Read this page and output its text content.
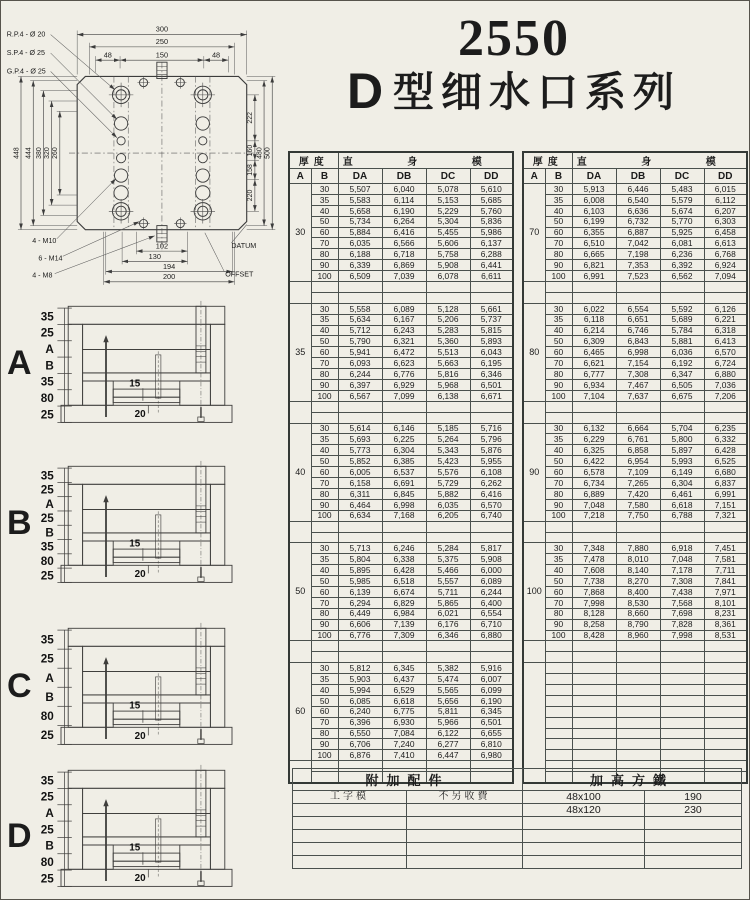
300
250
48	150	48
448 444 380 320 260
222
160
158
220
480 500
102
130
194
200
R.P.4 - Ø 20
S.P.4 - Ø 25
G.P.4 - Ø 25
4 - M10
6 - M14
4 - M8
DATUM
OFFSET
2550
D型细水口系列
A
35
25
A
B
35
80
25
15
20
B
35
25
A
25
B
35
80
25
15
20
C
35
25
A
B
80
25
15
20
D
35
25
A
25
B
80
25
15
20
厚度		直 身 模			
A	B	DA	DB	DC	DD
30	30	5,507	6,040	5,078	5,610
	35	5,583	6,114	5,153	5,685
	40	5,658	6,190	5,229	5,760
	50	5,734	6,264	5,304	5,836
	60	5,884	6,416	5,455	5,986
	70	6,035	6,566	5,606	6,137
	80	6,188	6,718	5,758	6,288
	90	6,339	6,869	5,908	6,441
	100	6,509	7,039	6,078	6,611

35	30	5,558	6,089	5,128	5,661
	35	5,634	6,167	5,206	5,737
	40	5,712	6,243	5,283	5,815
	50	5,790	6,321	5,360	5,893
	60	5,941	6,472	5,513	6,043
	70	6,093	6,623	5,663	6,195
	80	6,244	6,776	5,816	6,346
	90	6,397	6,929	5,968	6,501
	100	6,567	7,099	6,138	6,671

40	30	5,614	6,146	5,185	5,716
	35	5,693	6,225	5,264	5,796
	40	5,773	6,304	5,343	5,876
	50	5,852	6,385	5,423	5,955
	60	6,005	6,537	5,576	6,108
	70	6,158	6,691	5,729	6,262
	80	6,311	6,845	5,882	6,416
	90	6,464	6,998	6,035	6,570
	100	6,634	7,168	6,205	6,740

50	30	5,713	6,246	5,284	5,817
	35	5,804	6,338	5,375	5,908
	40	5,895	6,428	5,466	6,000
	50	5,985	6,518	5,557	6,089
	60	6,139	6,674	5,711	6,244
	70	6,294	6,829	5,865	6,400
	80	6,449	6,984	6,021	6,554
	90	6,606	7,139	6,176	6,710
	100	6,776	7,309	6,346	6,880

60	30	5,812	6,345	5,382	5,916
	35	5,903	6,437	5,474	6,007
	40	5,994	6,529	5,565	6,099
	50	6,085	6,618	5,656	6,190
	60	6,240	6,775	5,811	6,345
	70	6,396	6,930	5,966	6,501
	80	6,550	7,084	6,122	6,655
	90	6,706	7,240	6,277	6,810
	100	6,876	7,410	6,447	6,980

厚度		直 身 模			
A	B	DA	DB	DC	DD
70	30	5,913	6,446	5,483	6,015
	35	6,008	6,540	5,579	6,112
	40	6,103	6,636	5,674	6,207
	50	6,199	6,732	5,770	6,303
	60	6,355	6,887	5,925	6,458
	70	6,510	7,042	6,081	6,613
	80	6,665	7,198	6,236	6,768
	90	6,821	7,353	6,392	6,924
	100	6,991	7,523	6,562	7,094

80	30	6,022	6,554	5,592	6,126
	35	6,118	6,651	5,689	6,221
	40	6,214	6,746	5,784	6,318
	50	6,309	6,843	5,881	6,413
	60	6,465	6,998	6,036	6,570
	70	6,621	7,154	6,192	6,724
	80	6,777	7,308	6,347	6,880
	90	6,934	7,467	6,505	7,036
	100	7,104	7,637	6,675	7,206

90	30	6,132	6,664	5,704	6,235
	35	6,229	6,761	5,800	6,332
	40	6,325	6,858	5,897	6,428
	50	6,422	6,954	5,993	6,525
	60	6,578	7,109	6,149	6,680
	70	6,734	7,265	6,304	6,837
	80	6,889	7,420	6,461	6,991
	90	7,048	7,580	6,618	7,151
	100	7,218	7,750	6,788	7,321

100	30	7,348	7,880	6,918	7,451
	35	7,478	8,010	7,048	7,581
	40	7,608	8,140	7,178	7,711
	50	7,738	8,270	7,308	7,841
	60	7,868	8,400	7,438	7,971
	70	7,998	8,530	7,568	8,101
	80	8,128	8,660	7,698	8,231
	90	8,258	8,790	7,828	8,361
	100	8,428	8,960	7,998	8,531

附加配件		加高方鐵	
工字模	不另收費	48x100	190
		48x120	230
